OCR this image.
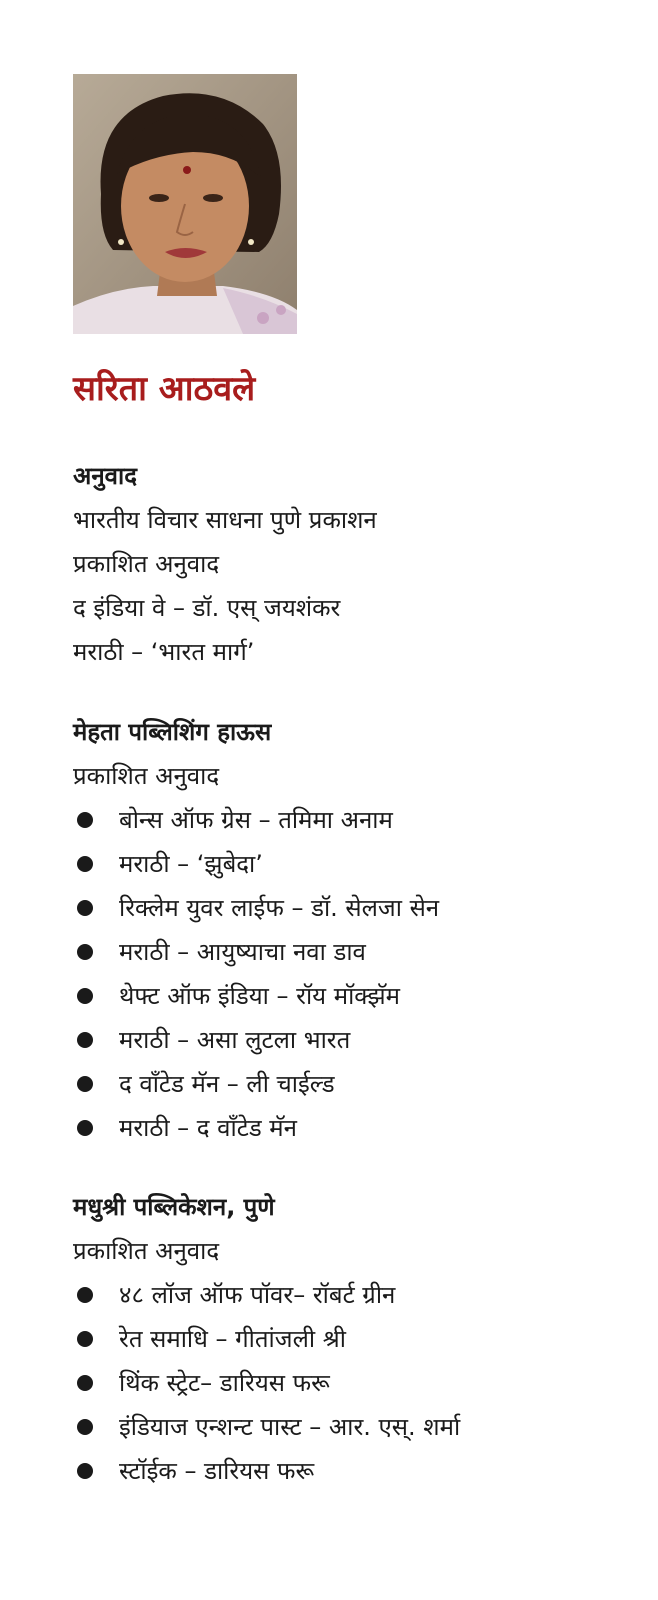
सरिता आठवले
अनुवाद
भारतीय विचार साधना पुणे प्रकाशन
प्रकाशित अनुवाद
द इंडिया वे – डॉ. एस् जयशंकर
मराठी – ‘भारत मार्ग’
मेहता पब्लिशिंग हाऊस
प्रकाशित अनुवाद
बोन्स ऑफ ग्रेस – तमिमा अनाम
मराठी – ‘झुबेदा’
रिक्लेम युवर लाईफ – डॉ. सेलजा सेन
मराठी – आयुष्याचा नवा डाव
थेफ्ट ऑफ इंडिया – रॉय मॉक्झॅम
मराठी – असा लुटला भारत
द वाँटेड मॅन – ली चाईल्ड
मराठी – द वाँटेड मॅन
मधुश्री पब्लिकेशन, पुणे
प्रकाशित अनुवाद
४८ लॉज ऑफ पॉवर– रॉबर्ट ग्रीन
रेत समाधि – गीतांजली श्री
थिंक स्ट्रेट– डारियस फरू
इंडियाज एन्शन्ट पास्ट – आर. एस्. शर्मा
स्टॉईक – डारियस फरू
